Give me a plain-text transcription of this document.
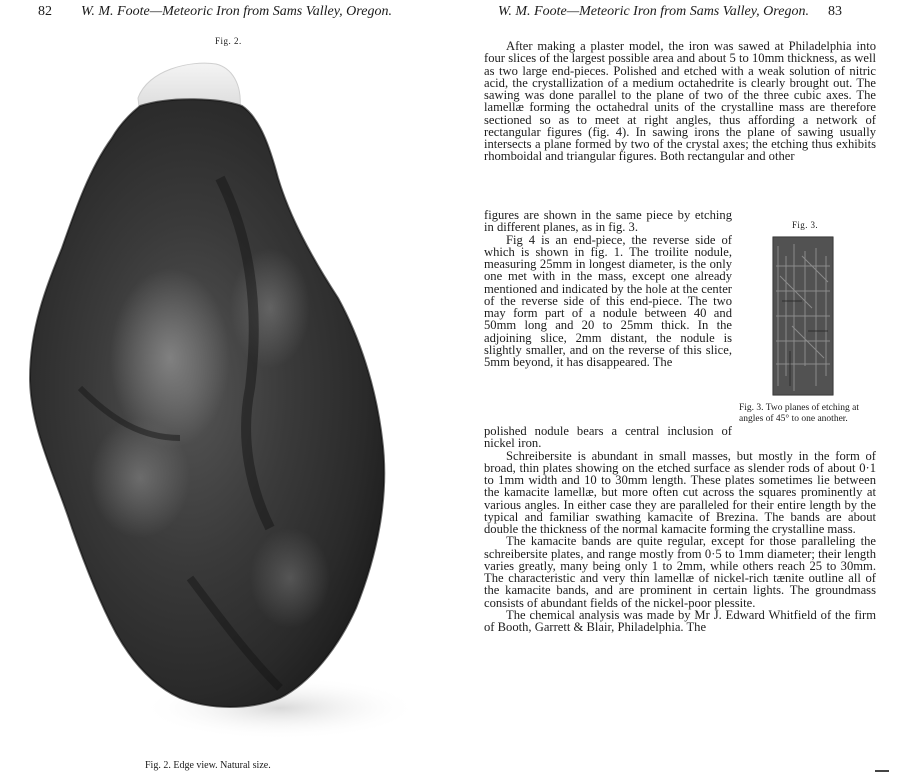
82 W. M. Foote—Meteoric Iron from Sams Valley, Oregon.
Fig. 2.
Fig. 2. Edge view. Natural size.
W. M. Foote—Meteoric Iron from Sams Valley, Oregon. 83

After making a plaster model, the iron was sawed at Philadelphia into four slices of the largest possible area and about 5 to 10mm thickness, as well as two large end-pieces. Polished and etched with a weak solution of nitric acid, the crystallization of a medium octahedrite is clearly brought out. The sawing was done parallel to the plane of two of the three cubic axes. The lamellæ forming the octahedral units of the crystalline mass are therefore sectioned so as to meet at right angles, thus affording a network of rectangular figures (fig. 4). In sawing irons the plane of sawing usually intersects a plane formed by two of the crystal axes; the etching thus exhibits rhomboidal and triangular figures. Both rectangular and other

figures are shown in the same piece by etching in different planes, as in fig. 3.

Fig 4 is an end-piece, the reverse side of which is shown in fig. 1. The troilite nodule, measuring 25mm in longest diameter, is the only one met with in the mass, except one already mentioned and indicated by the hole at the center of the reverse side of this end-piece. The two may form part of a nodule between 40 and 50mm long and 20 to 25mm thick. In the adjoining slice, 2mm distant, the nodule is slightly smaller, and on the reverse of this slice, 5mm beyond, it has disappeared. The

polished nodule bears a central inclusion of nickel iron.

Schreibersite is abundant in small masses, but mostly in the form of broad, thin plates showing on the etched surface as slender rods of about 0·1 to 1mm width and 10 to 30mm length. These plates sometimes lie between the kamacite lamellæ, but more often cut across the squares prominently at various angles. In either case they are paralleled for their entire length by the typical and familiar swathing kamacite of Brezina. The bands are about double the thickness of the normal kamacite forming the crystalline mass.

The kamacite bands are quite regular, except for those paralleling the schreibersite plates, and range mostly from 0·5 to 1mm diameter; their length varies greatly, many being only 1 to 2mm, while others reach 25 to 30mm. The characteristic and very thin lamellæ of nickel-rich tænite outline all of the kamacite bands, and are prominent in certain lights. The groundmass consists of abundant fields of the nickel-poor plessite.

The chemical analysis was made by Mr J. Edward Whitfield of the firm of Booth, Garrett & Blair, Philadelphia. The

Fig. 3.
Fig. 3. Two planes of etching at angles of 45° to one another.
